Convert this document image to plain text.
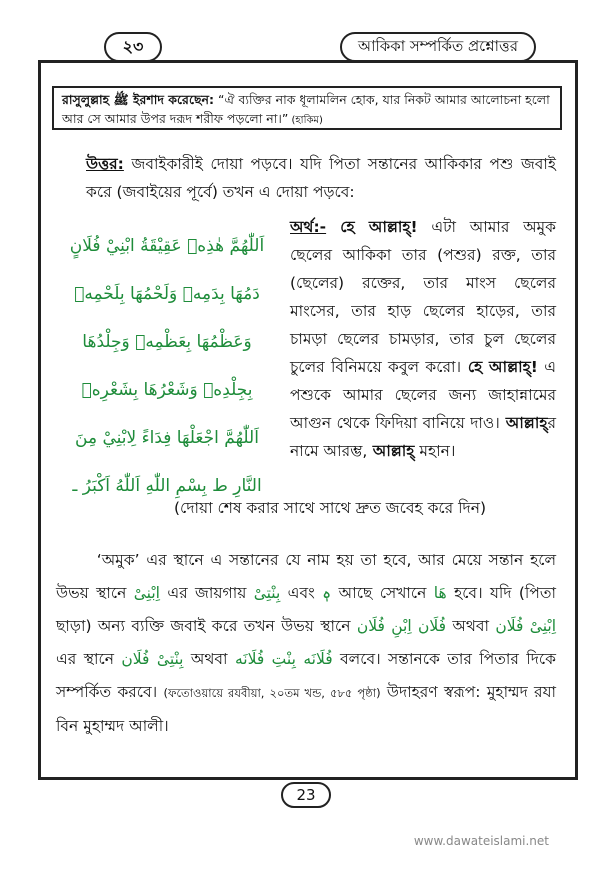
২৩	আকিকা সম্পর্কিত প্রশ্নোত্তর
রাসুলুল্লাহ ﷺ ইরশাদ করেছেন: “ঐ ব্যক্তির নাক ধূলামলিন হোক, যার নিকট আমার আলোচনা হলো আর সে আমার উপর দরূদ শরীফ পড়লো না।” (হাকিম)
উত্তর: জবাইকারীই দোয়া পড়বে। যদি পিতা সন্তানের আকিকার পশু জবাই করে (জবাইয়ের পূর্বে) তখন এ দোয়া পড়বে:
اَللّٰهُمَّ هٰذِهٖ عَقِيْقَةُ ابْنِيْ فُلَانٍ
دَمُهَا بِدَمِهٖ وَلَحْمُهَا بِلَحْمِهٖ
وَعَظْمُهَا بِعَظْمِهٖ وَجِلْدُهَا
بِجِلْدِهٖ وَشَعْرُهَا بِشَعْرِهٖ
اَللّٰهُمَّ اجْعَلْهَا فِدَاءً لِابْنِيْ مِنَ
النَّارِ ط بِسْمِ اللّٰهِ اَللّٰهُ اَكْبَرُ ـ
অর্থ:- হে আল্লাহ্! এটা আমার অমুক ছেলের আকিকা তার (পশুর) রক্ত, তার (ছেলের) রক্তের, তার মাংস ছেলের মাংসের, তার হাড় ছেলের হাড়ের, তার চামড়া ছেলের চামড়ার, তার চুল ছেলের চুলের বিনিময়ে কবুল করো। হে আল্লাহ্! এ পশুকে আমার ছেলের জন্য জাহান্নামের আগুন থেকে ফিদিয়া বানিয়ে দাও। আল্লাহ্র নামে আরম্ভ, আল্লাহ্ মহান।
(দোয়া শেষ করার সাথে সাথে দ্রুত জবেহ করে দিন)
‘অমুক’ এর স্থানে এ সন্তানের যে নাম হয় তা হবে, আর মেয়ে সন্তান হলে উভয় স্থানে اِبْنِیْ এর জায়গায় بِنْتِیْ এবং ہٖ আছে সেখানে هَا হবে। যদি (পিতা ছাড়া) অন্য ব্যক্তি জবাই করে তখন উভয় স্থানে فُلَان اِبْنِ فُلَان অথবা اِبْنِیْ فُلَان এর স্থানে بِنْتِیْ فُلَان অথবা فُلَانَه بِنْتِ فُلَانَه বলবে। সন্তানকে তার পিতার দিকে সম্পর্কিত করবে। (ফতোওয়ায়ে রযবীয়া, ২০তম খন্ড, ৫৮৫ পৃষ্ঠা) উদাহরণ স্বরূপ: মুহাম্মদ রযা বিন মুহাম্মদ আলী।
23
www.dawateislami.net
